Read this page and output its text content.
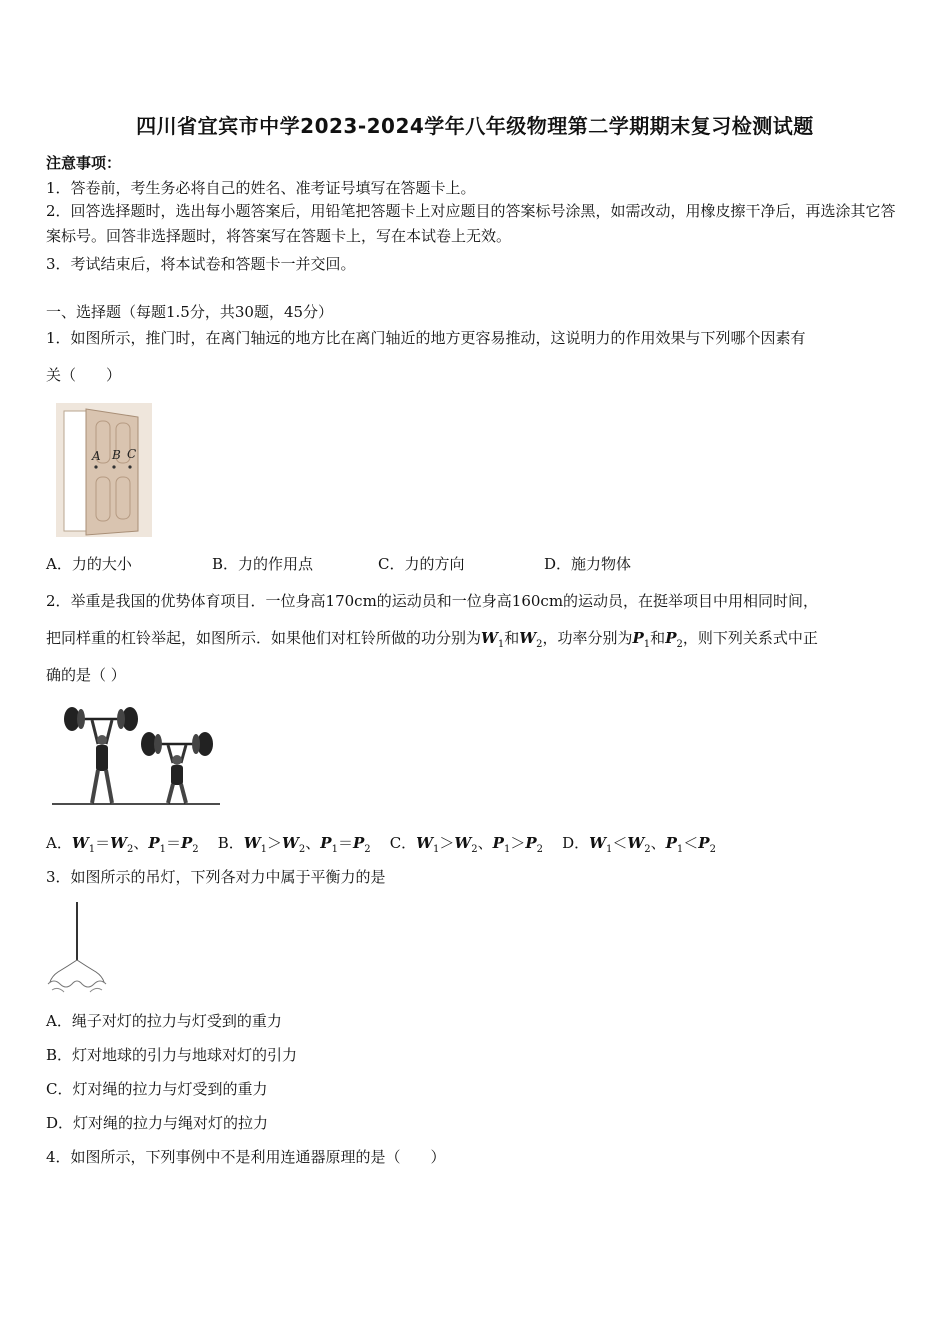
四川省宜宾市中学2023-2024学年八年级物理第二学期期末复习检测试题
注意事项：
1．答卷前，考生务必将自己的姓名、准考证号填写在答题卡上。
2．回答选择题时，选出每小题答案后，用铅笔把答题卡上对应题目的答案标号涂黑，如需改动，用橡皮擦干净后，再选涂其它答案标号。回答非选择题时，将答案写在答题卡上，写在本试卷上无效。
3．考试结束后，将本试卷和答题卡一并交回。
一、选择题（每题1.5分，共30题，45分）
1．如图所示，推门时，在离门轴远的地方比在离门轴近的地方更容易推动，这说明力的作用效果与下列哪个因素有
关（　　）
A B C
A．力的大小	B．力的作用点	C．力的方向	D．施力物体
2．举重是我国的优势体育项目．一位身高170cm的运动员和一位身高160cm的运动员，在挺举项目中用相同时间，
把同样重的杠铃举起，如图所示．如果他们对杠铃所做的功分别为$W_1$和$W_2$，功率分别为$P_1$和$P_2$，则下列关系式中正
确的是（ ）
A．$W_1=W_2$、$P_1=P_2$ B．$W_1>W_2$、$P_1=P_2$ C．$W_1>W_2$、$P_1>P_2$ D．$W_1<W_2$、$P_1<P_2$
3．如图所示的吊灯，下列各对力中属于平衡力的是
A．绳子对灯的拉力与灯受到的重力
B．灯对地球的引力与地球对灯的引力
C．灯对绳的拉力与灯受到的重力
D．灯对绳的拉力与绳对灯的拉力
4．如图所示，下列事例中不是利用连通器原理的是（　　）
